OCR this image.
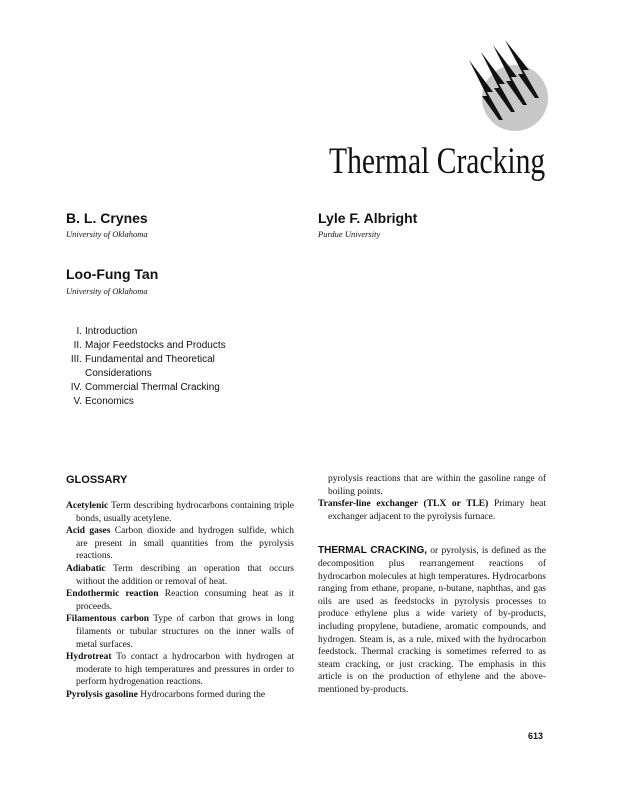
Thermal Cracking
B. L. Crynes
University of Oklahoma
Lyle F. Albright
Purdue University
Loo-Fung Tan
University of Oklahoma
I. Introduction
II. Major Feedstocks and Products
III. Fundamental and Theoretical Considerations
IV. Commercial Thermal Cracking
V. Economics
GLOSSARY
Acetylenic Term describing hydrocarbons containing triple bonds, usually acetylene.
Acid gases Carbon dioxide and hydrogen sulfide, which are present in small quantities from the pyrolysis reactions.
Adiabatic Term describing an operation that occurs without the addition or removal of heat.
Endothermic reaction Reaction consuming heat as it proceeds.
Filamentous carbon Type of carbon that grows in long filaments or tubular structures on the inner walls of metal surfaces.
Hydrotreat To contact a hydrocarbon with hydrogen at moderate to high temperatures and pressures in order to perform hydrogenation reactions.
Pyrolysis gasoline Hydrocarbons formed during the
pyrolysis reactions that are within the gasoline range of boiling points.
Transfer-line exchanger (TLX or TLE) Primary heat exchanger adjacent to the pyrolysis furnace.
THERMAL CRACKING, or pyrolysis, is defined as the decomposition plus rearrangement reactions of hydrocarbon molecules at high temperatures. Hydrocarbons ranging from ethane, propane, n-butane, naphthas, and gas oils are used as feedstocks in pyrolysis processes to produce ethylene plus a wide variety of by-products, including propylene, butadiene, aromatic compounds, and hydrogen. Steam is, as a rule, mixed with the hydrocarbon feedstock. Thermal cracking is sometimes referred to as steam cracking, or just cracking. The emphasis in this article is on the production of ethylene and the above-mentioned by-products.
613
